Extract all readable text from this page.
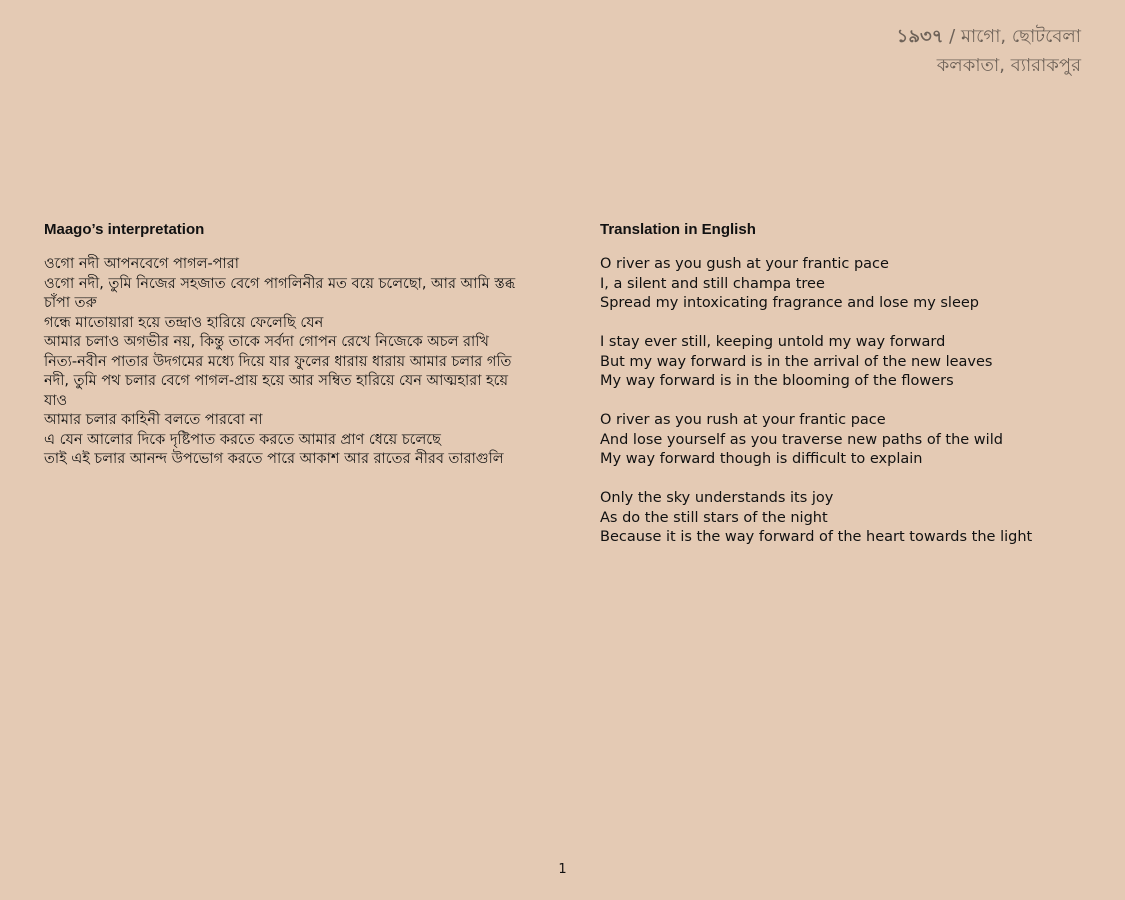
১৯৩৭ / মাগো, ছোটবেলা
কলকাতা, ব্যারাকপুর
Maago’s interpretation
ওগো নদী আপনবেগে পাগল-পারা
ওগো নদী, তুমি নিজের সহজাত বেগে পাগলিনীর মত বয়ে চলেছো, আর আমি স্তব্ধ চাঁপা তরু
গন্ধে মাতোয়ারা হয়ে তন্দ্রাও হারিয়ে ফেলেছি যেন
আমার চলাও অগভীর নয়, কিন্তু তাকে সর্বদা গোপন রেখে নিজেকে অচল রাখি
নিত্য-নবীন পাতার উদগমের মধ্যে দিয়ে যার ফুলের ধারায় ধারায় আমার চলার গতি
নদী, তুমি পথ চলার বেগে পাগল-প্রায় হয়ে আর সম্বিত হারিয়ে যেন আত্মহারা হয়ে যাও
আমার চলার কাহিনী বলতে পারবো না
এ যেন আলোর দিকে দৃষ্টিপাত করতে করতে আমার প্রাণ ধেয়ে চলেছে
তাই এই চলার আনন্দ উপভোগ করতে পারে আকাশ আর রাতের নীরব তারাগুলি
Translation in English
O river as you gush at your frantic pace
I, a silent and still champa tree
Spread my intoxicating fragrance and lose my sleep
I stay ever still, keeping untold my way forward
But my way forward is in the arrival of the new leaves
My way forward is in the blooming of the flowers
O river as you rush at your frantic pace
And lose yourself as you traverse new paths of the wild
My way forward though is difficult to explain
Only the sky understands its joy
As do the still stars of the night
Because it is the way forward of the heart towards the light
1
